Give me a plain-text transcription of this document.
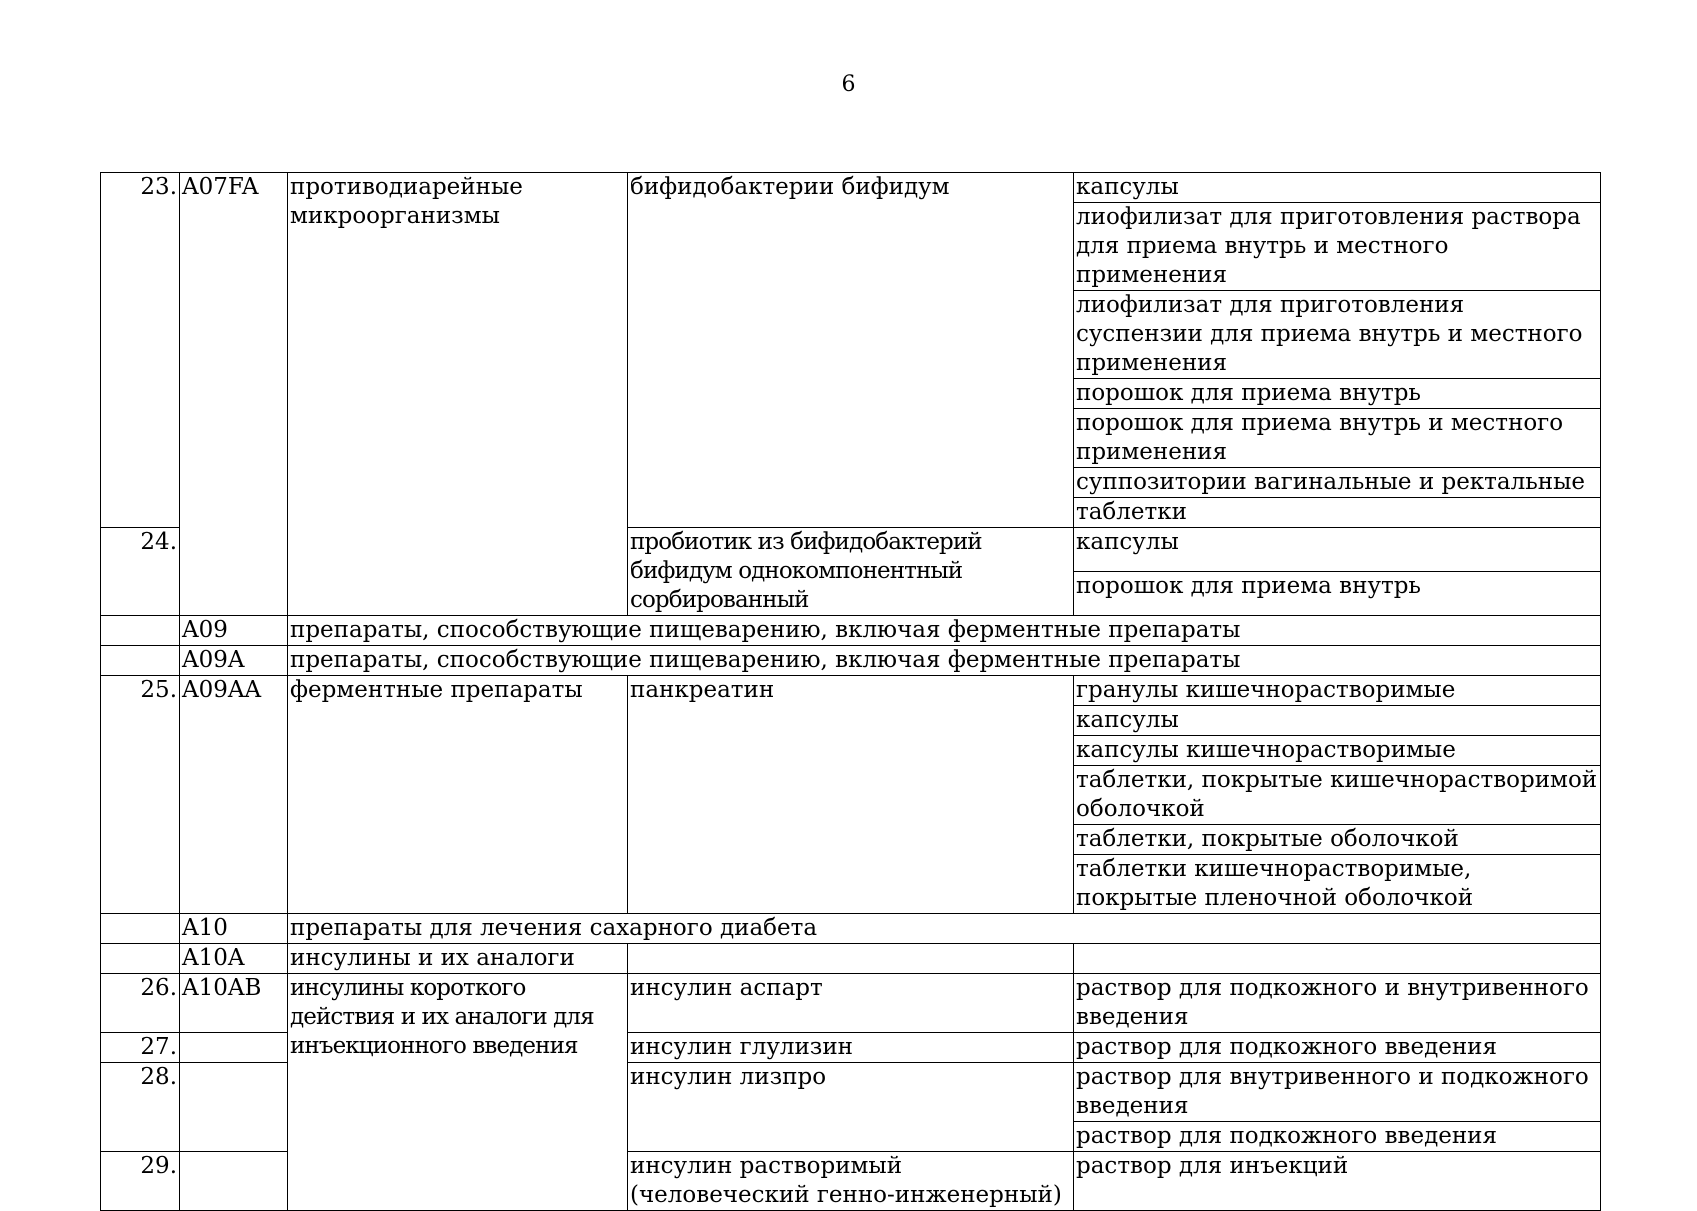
6
23.	A07FA	противодиарейные микроорганизмы	бифидобактерии бифидум	капсулы
				лиофилизат для приготовления раствора для приема внутрь и местного применения
				лиофилизат для приготовления суспензии для приема внутрь и местного применения
				порошок для приема внутрь
				порошок для приема внутрь и местного применения
				суппозитории вагинальные и ректальные
				таблетки
24.			пробиотик из бифидобактерий бифидум однокомпонентный сорбированный	капсулы
				порошок для приема внутрь
	A09	препараты, способствующие пищеварению, включая ферментные препараты		
	A09A	препараты, способствующие пищеварению, включая ферментные препараты		
25.	A09AA	ферментные препараты	панкреатин	гранулы кишечнорастворимые
				капсулы
				капсулы кишечнорастворимые
				таблетки, покрытые кишечнорастворимой оболочкой
				таблетки, покрытые оболочкой
				таблетки кишечнорастворимые, покрытые пленочной оболочкой
	A10	препараты для лечения сахарного диабета		
	A10A	инсулины и их аналоги		
26.	A10AB	инсулины короткого действия и их аналоги для инъекционного введения	инсулин аспарт	раствор для подкожного и внутривенного введения
27.			инсулин глулизин	раствор для подкожного введения
28.			инсулин лизпро	раствор для внутривенного и подкожного введения
				раствор для подкожного введения
29.			инсулин растворимый (человеческий генно-инженерный)	раствор для инъекций
